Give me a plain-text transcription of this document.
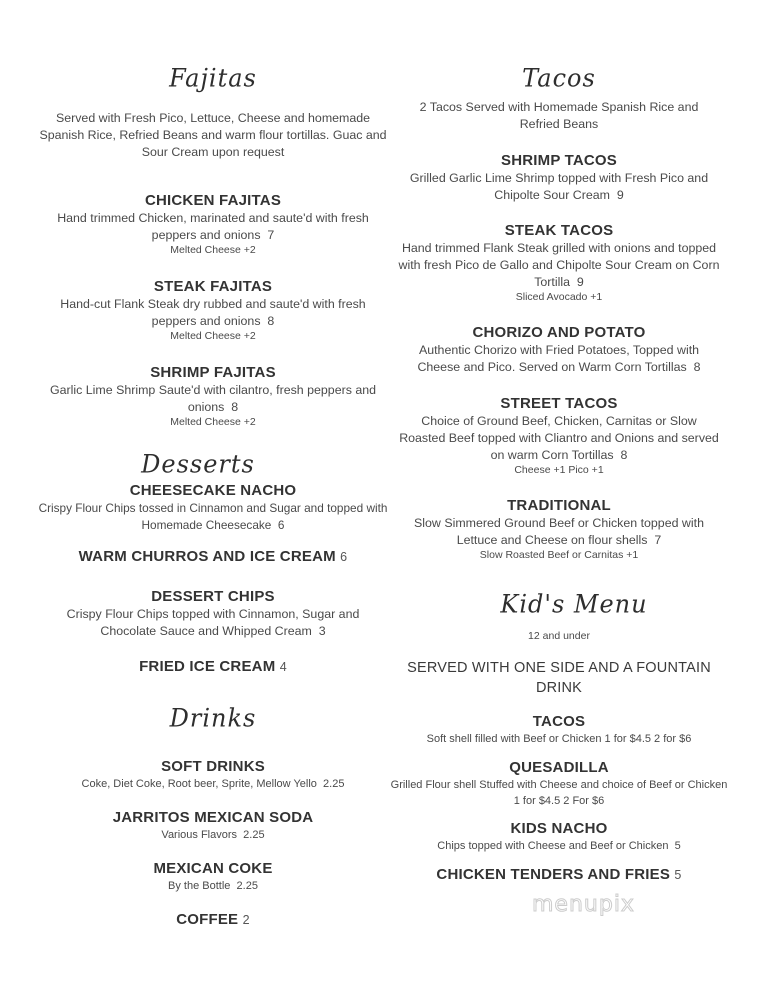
Fajitas
Served with Fresh Pico, Lettuce, Cheese and homemade Spanish Rice, Refried Beans and warm flour tortillas. Guac and Sour Cream upon request
CHICKEN FAJITAS
Hand trimmed Chicken, marinated and saute'd with fresh peppers and onions 7
Melted Cheese +2
STEAK FAJITAS
Hand-cut Flank Steak dry rubbed and saute'd with fresh peppers and onions 8
Melted Cheese +2
SHRIMP FAJITAS
Garlic Lime Shrimp Saute'd with cilantro, fresh peppers and onions 8
Melted Cheese +2
Desserts
CHEESECAKE NACHO
Crispy Flour Chips tossed in Cinnamon and Sugar and topped with Homemade Cheesecake 6
WARM CHURROS AND ICE CREAM 6
DESSERT CHIPS
Crispy Flour Chips topped with Cinnamon, Sugar and Chocolate Sauce and Whipped Cream 3
FRIED ICE CREAM 4
Drinks
SOFT DRINKS
Coke, Diet Coke, Root beer, Sprite, Mellow Yello 2.25
JARRITOS MEXICAN SODA
Various Flavors 2.25
MEXICAN COKE
By the Bottle 2.25
COFFEE 2
Tacos
2 Tacos Served with Homemade Spanish Rice and Refried Beans
SHRIMP TACOS
Grilled Garlic Lime Shrimp topped with Fresh Pico and Chipolte Sour Cream 9
STEAK TACOS
Hand trimmed Flank Steak grilled with onions and topped with fresh Pico de Gallo and Chipolte Sour Cream on Corn Tortilla 9
Sliced Avocado +1
CHORIZO AND POTATO
Authentic Chorizo with Fried Potatoes, Topped with Cheese and Pico. Served on Warm Corn Tortillas 8
STREET TACOS
Choice of Ground Beef, Chicken, Carnitas or Slow Roasted Beef topped with Cliantro and Onions and served on warm Corn Tortillas 8
Cheese +1 Pico +1
TRADITIONAL
Slow Simmered Ground Beef or Chicken topped with Lettuce and Cheese on flour shells 7
Slow Roasted Beef or Carnitas +1
Kid's Menu
12 and under
SERVED WITH ONE SIDE AND A FOUNTAIN DRINK
TACOS
Soft shell filled with Beef or Chicken 1 for $4.5 2 for $6
QUESADILLA
Grilled Flour shell Stuffed with Cheese and choice of Beef or Chicken 1 for $4.5 2 For $6
KIDS NACHO
Chips topped with Cheese and Beef or Chicken 5
CHICKEN TENDERS AND FRIES 5
menupix
